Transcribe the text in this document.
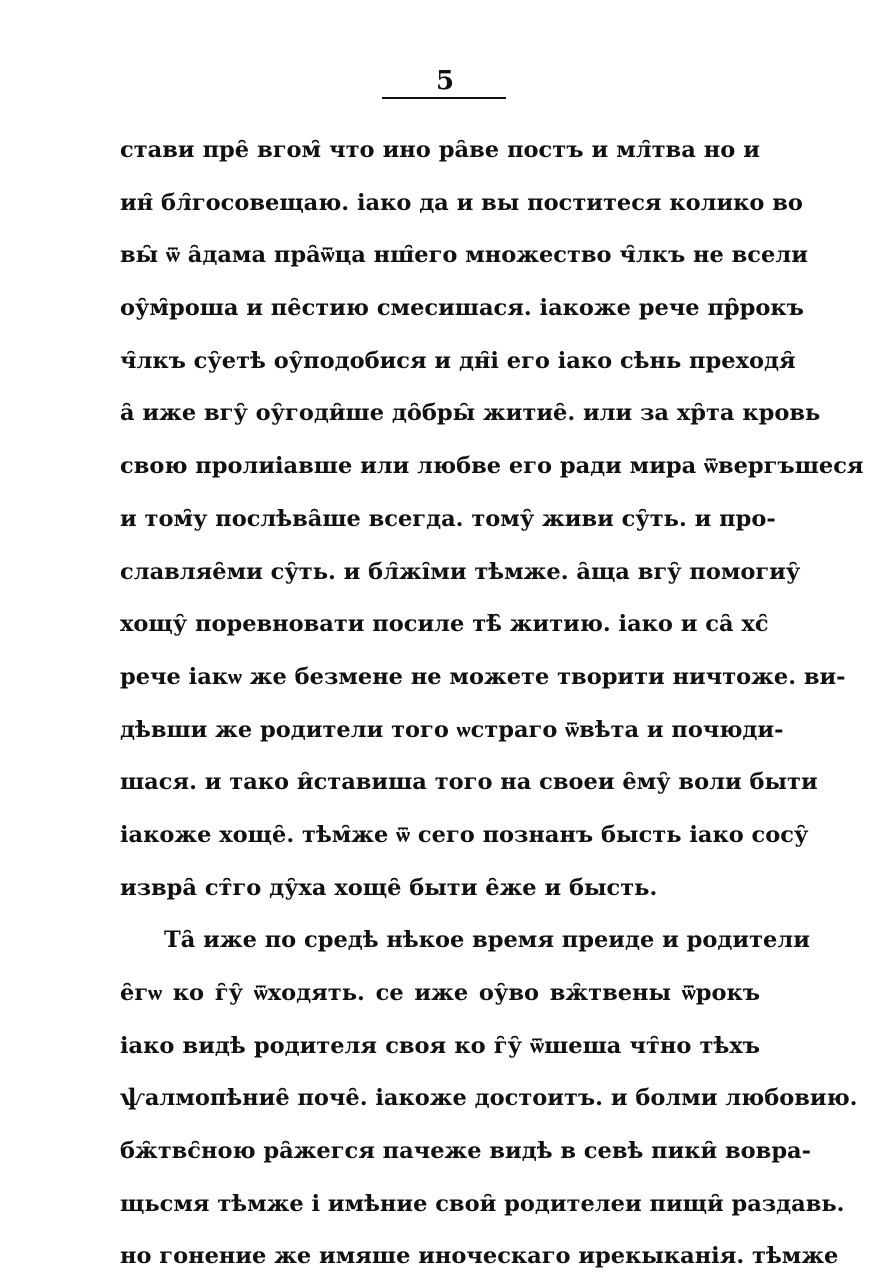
5
стави пре̑ вгом̑ что ино ра̑ве постъ и мл̑тва но и
ин̑ бл̑госовещаю. іако да и вы поститеся колико во
вы̑ ѿ а̑дама пра̑ѿца нш̑его множество ч̑лкъ не всели
оу̑м̑роша и пе̑стию смесишася. іакоже рече пр̑рокъ
ч̑лкъ су̑етѣ оу̑подобися и дн̑і его іако сѣнь преходя̑
а̑ иже вгу̑ оу̑годи̑ше до̑бры̑ житие̑. или за хр̑та кровь
свою пролиіавше или любве его ради мира ѿвергъшеся
и том̑у послѣва̑ше всегда. тому̑ живи су̑ть. и про-
славляе̑ми су̑ть. и бл̑жі̑ми тѣмже. а̑ща вгу̑ помогиу̑
хощу̑ поревновати посиле тѣ̑ житию. іако и са̑ хс̑
рече іакѡ же безмене не можете творити ничтоже. ви-
дѣвши же родители того ѡстраго ѿвѣта и почюди-
шася. и тако и̑ставиша того на своеи е̑му̑ воли быти
іакоже хоще̑. тѣм̑же ѿ сего познанъ бысть іако сосу̑
извра̑ ст̑го ду̑ха хоще̑ быти е̑же и бысть.
Та̑ иже по средѣ нѣкое время преиде и родители
е̑гѡ ко г̑у̑ ѿходять. се иже оу̑во вж̑твены ѿрокъ
іако видѣ родителя своя ко г̑у̑ ѿшеша чт̑но тѣхъ
ѱалмопѣние̑ поче̑. іакоже достоитъ. и болми любовию.
бж̑твс̑ною ра̑жегся пачеже видѣ в севѣ пики̑ вовра-
щьсмя тѣмже і имѣние свои̑ родителеи пищи̑ раздавь.
но гонение же имяше иноческаго ирекыканія. тѣмже
